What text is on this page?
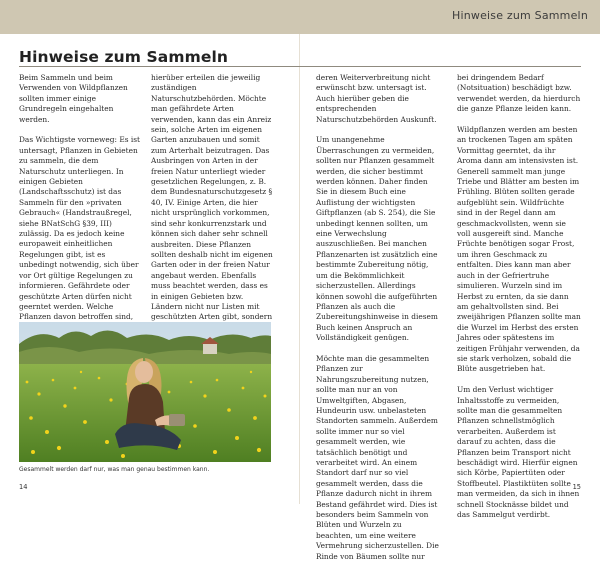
Hinweise zum Sammeln
Hinweise zum Sammeln

Beim Sammeln und beim Verwenden von Wildpflanzen sollten immer einige Grundregeln eingehalten werden.

Das Wichtigste vorneweg: Es ist untersagt, Pflanzen in Gebieten zu sammeln, die dem Naturschutz unterliegen. In einigen Gebieten (Landschaftsschutz) ist das Sammeln für den »privaten Gebrauch« (Handstraußregel, siehe BNatSchG §39, III) zulässig. Da es jedoch keine europaweit einheitlichen Regelungen gibt, ist es unbedingt notwendig, sich über vor Ort gültige Regelungen zu informieren. Gefährdete oder geschützte Arten dürfen nicht geerntet werden. Welche Pflanzen davon betroffen sind,

hierüber erteilen die jeweilig zuständigen Naturschutzbehörden. Möchte man gefährdete Arten verwenden, kann das ein Anreiz sein, solche Arten im eigenen Garten anzubauen und somit zum Arterhalt beizutragen. Das Ausbringen von Arten in der freien Natur unterliegt wieder gesetzlichen Regelungen, z. B. dem Bundesnaturschutzgesetz § 40, IV. Einige Arten, die hier nicht ursprünglich vorkommen, sind sehr konkurrenzstark und können sich daher sehr schnell ausbreiten. Diese Pflanzen sollten deshalb nicht im eigenen Garten oder in der freien Natur angebaut werden. Ebenfalls muss beachtet werden, dass es in einigen Gebieten bzw. Ländern nicht nur Listen mit geschützten Arten gibt, sondern

deren Weiterverbreitung nicht erwünscht bzw. untersagt ist. Auch hierüber geben die entsprechenden Naturschutzbehörden Auskunft.

Um unangenehme Überraschungen zu vermeiden, sollten nur Pflanzen gesammelt werden, die sicher bestimmt werden können. Daher finden Sie in diesem Buch eine Auflistung der wichtigsten Giftpflanzen (ab S. 254), die Sie unbedingt kennen sollten, um eine Verwechslung auszuschließen. Bei manchen Pflanzenarten ist zusätzlich eine bestimmte Zubereitung nötig, um die Bekömmlichkeit sicherzustellen. Allerdings können sowohl die aufgeführten Pflanzen als auch die Zubereitungshinweise in diesem Buch keinen Anspruch an Vollständigkeit genügen.

Möchte man die gesammelten Pflanzen zur Nahrungszubereitung nutzen, sollte man nur an von Umweltgiften, Abgasen, Hundeurin usw. unbelasteten Standorten sammeln. Außerdem sollte immer nur so viel gesammelt werden, wie tatsächlich benötigt und verarbeitet wird. An einem Standort darf nur so viel gesammelt werden, dass die Pflanze dadurch nicht in ihrem Bestand gefährdet wird. Dies ist besonders beim Sammeln von Blüten und Wurzeln zu beachten, um eine weitere Vermehrung sicherzustellen. Die Rinde von Bäumen sollte nur

bei dringendem Bedarf (Notsituation) beschädigt bzw. verwendet werden, da hierdurch die ganze Pflanze leiden kann.

Wildpflanzen werden am besten an trockenen Tagen am späten Vormittag geerntet, da ihr Aroma dann am intensivsten ist. Generell sammelt man junge Triebe und Blätter am besten im Frühling. Blüten sollten gerade aufgeblüht sein. Wildfrüchte sind in der Regel dann am geschmackvollsten, wenn sie voll ausgereift sind. Manche Früchte benötigen sogar Frost, um ihren Geschmack zu entfalten. Dies kann man aber auch in der Gefriertruhe simulieren. Wurzeln sind im Herbst zu ernten, da sie dann am gehaltvollsten sind. Bei zweijährigen Pflanzen sollte man die Wurzel im Herbst des ersten Jahres oder spätestens im zeitigen Frühjahr verwenden, da sie stark verholzen, sobald die Blüte ausgetrieben hat.

Um den Verlust wichtiger Inhaltsstoffe zu vermeiden, sollte man die gesammelten Pflanzen schnellstmöglich verarbeiten. Außerdem ist darauf zu achten, dass die Pflanzen beim Transport nicht beschädigt wird. Hierfür eignen sich Körbe, Papiertüten oder Stoffbeutel. Plastiktüten sollte man vermeiden, da sich in ihnen schnell Stocknässe bildet und das Sammelgut verdirbt.

Gesammelt werden darf nur, was man genau bestimmen kann.
14	15
